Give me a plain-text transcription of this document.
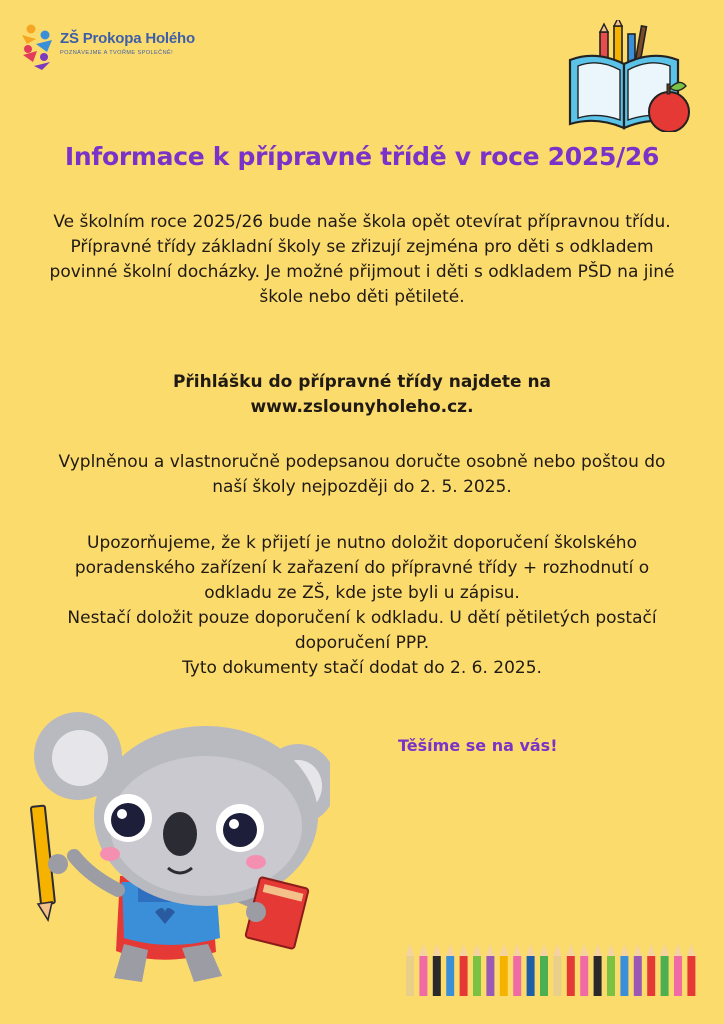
ZŠ Prokopa Holého
POZNÁVEJME A TVOŘME SPOLEČNĚ!
Informace k přípravné třídě v roce 2025/26
Ve školním roce 2025/26 bude naše škola opět otevírat přípravnou třídu.
Přípravné třídy základní školy se zřizují zejména pro děti s odkladem
povinné školní docházky. Je možné přijmout i děti s odkladem PŠD na jiné
škole nebo děti pětileté.
Přihlášku do přípravné třídy najdete na
www.zslounyholeho.cz.
Vyplněnou a vlastnoručně podepsanou doručte osobně nebo poštou do
naší školy nejpozději do 2. 5. 2025.
Upozorňujeme, že k přijetí je nutno doložit doporučení školského
poradenského zařízení k zařazení do přípravné třídy + rozhodnutí o
odkladu ze ZŠ, kde jste byli u zápisu.
Nestačí doložit pouze doporučení k odkladu. U dětí pětiletých postačí
doporučení PPP.
Tyto dokumenty stačí dodat do 2. 6. 2025.

Těšíme se na vás!
